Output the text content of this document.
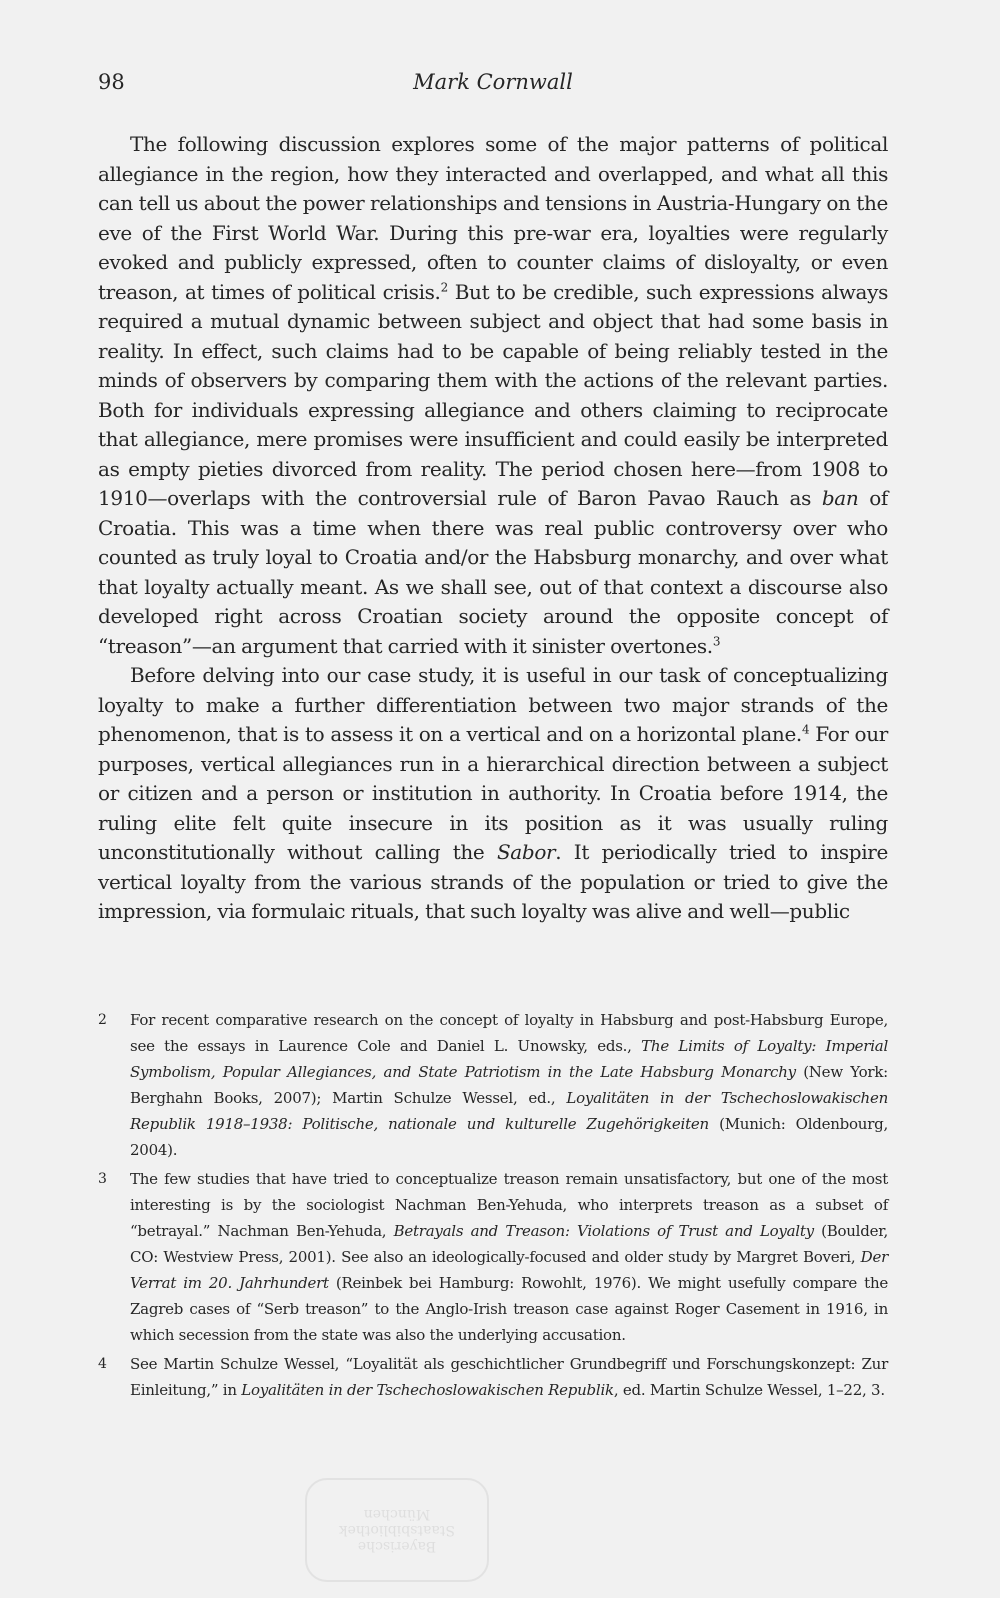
98	Mark Cornwall

The following discussion explores some of the major patterns of political allegiance in the region, how they interacted and overlapped, and what all this can tell us about the power relationships and tensions in Austria-Hungary on the eve of the First World War. During this pre-war era, loyalties were regularly evoked and publicly expressed, often to counter claims of disloyalty, or even treason, at times of political crisis.$^2$ But to be credible, such expressions always required a mutual dynamic between subject and object that had some basis in reality. In effect, such claims had to be capable of being reliably tested in the minds of observers by comparing them with the actions of the relevant parties. Both for individuals expressing allegiance and others claiming to reciprocate that allegiance, mere promises were insufficient and could easily be interpreted as empty pieties divorced from reality. The period chosen here—from 1908 to 1910—overlaps with the controversial rule of Baron Pavao Rauch as ban of Croatia. This was a time when there was real public controversy over who counted as truly loyal to Croatia and/or the Habsburg monarchy, and over what that loyalty actually meant. As we shall see, out of that context a discourse also developed right across Croatian society around the opposite concept of “treason”—an argument that carried with it sinister overtones.$^3$

Before delving into our case study, it is useful in our task of conceptualizing loyalty to make a further differentiation between two major strands of the phenomenon, that is to assess it on a vertical and on a horizontal plane.$^4$ For our purposes, vertical allegiances run in a hierarchical direction between a subject or citizen and a person or institution in authority. In Croatia before 1914, the ruling elite felt quite insecure in its position as it was usually ruling unconstitutionally without calling the Sabor. It periodically tried to inspire vertical loyalty from the various strands of the population or tried to give the impression, via formulaic rituals, that such loyalty was alive and well—public

2 For recent comparative research on the concept of loyalty in Habsburg and post-Habsburg Europe, see the essays in Laurence Cole and Daniel L. Unowsky, eds., The Limits of Loyalty: Imperial Symbolism, Popular Allegiances, and State Patriotism in the Late Habsburg Monarchy (New York: Berghahn Books, 2007); Martin Schulze Wessel, ed., Loyalitäten in der Tschechoslowakischen Republik 1918–1938: Politische, nationale und kulturelle Zugehörigkeiten (Munich: Oldenbourg, 2004).

3 The few studies that have tried to conceptualize treason remain unsatisfactory, but one of the most interesting is by the sociologist Nachman Ben-Yehuda, who interprets treason as a subset of “betrayal.” Nachman Ben-Yehuda, Betrayals and Treason: Violations of Trust and Loyalty (Boulder, CO: Westview Press, 2001). See also an ideologically-focused and older study by Margret Boveri, Der Verrat im 20. Jahrhundert (Reinbek bei Hamburg: Rowohlt, 1976). We might usefully compare the Zagreb cases of “Serb treason” to the Anglo-Irish treason case against Roger Casement in 1916, in which secession from the state was also the underlying accusation.

4 See Martin Schulze Wessel, “Loyalität als geschichtlicher Grundbegriff und Forschungskonzept: Zur Einleitung,” in Loyalitäten in der Tschechoslowakischen Republik, ed. Martin Schulze Wessel, 1–22, 3.

Bayerische
Staatsbibliothek
München
